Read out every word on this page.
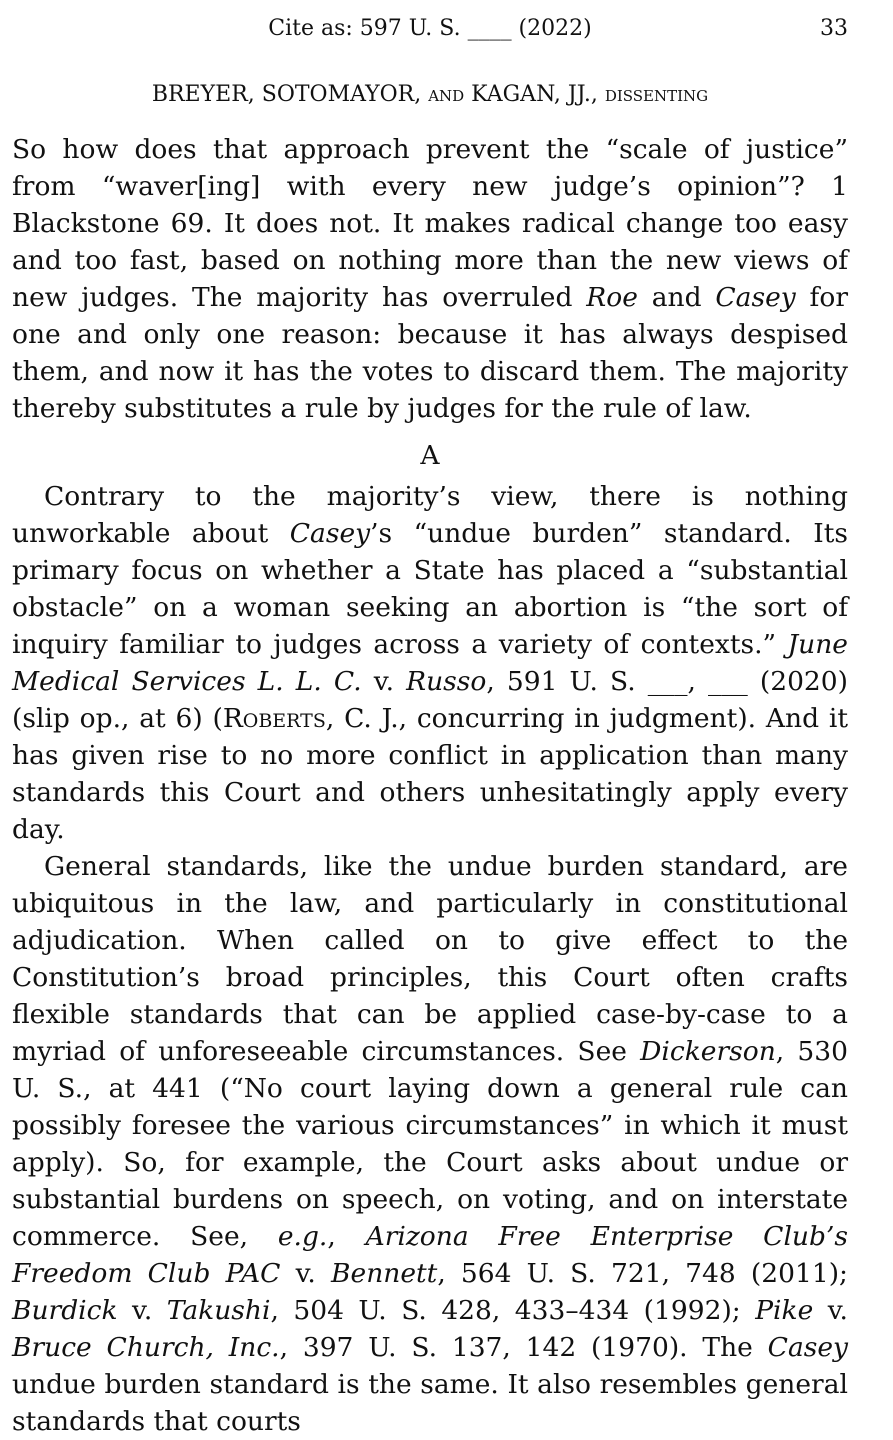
Cite as: 597 U. S. ____ (2022)	33
BREYER, SOTOMAYOR, and KAGAN, JJ., dissenting

So how does that approach prevent the “scale of justice” from “waver[ing] with every new judge’s opinion”? 1 Blackstone 69. It does not. It makes radical change too easy and too fast, based on nothing more than the new views of new judges. The majority has overruled Roe and Casey for one and only one reason: because it has always despised them, and now it has the votes to discard them. The majority thereby substitutes a rule by judges for the rule of law.

A

Contrary to the majority’s view, there is nothing unworkable about Casey’s “undue burden” standard. Its primary focus on whether a State has placed a “substantial obstacle” on a woman seeking an abortion is “the sort of inquiry familiar to judges across a variety of contexts.” June Medical Services L. L. C. v. Russo, 591 U. S. ___, ___ (2020) (slip op., at 6) (Roberts, C. J., concurring in judgment). And it has given rise to no more conflict in application than many standards this Court and others unhesitatingly apply every day.

General standards, like the undue burden standard, are ubiquitous in the law, and particularly in constitutional adjudication. When called on to give effect to the Constitution’s broad principles, this Court often crafts flexible standards that can be applied case-by-case to a myriad of unforeseeable circumstances. See Dickerson, 530 U. S., at 441 (“No court laying down a general rule can possibly foresee the various circumstances” in which it must apply). So, for example, the Court asks about undue or substantial burdens on speech, on voting, and on interstate commerce. See, e.g., Arizona Free Enterprise Club’s Freedom Club PAC v. Bennett, 564 U. S. 721, 748 (2011); Burdick v. Takushi, 504 U. S. 428, 433–434 (1992); Pike v. Bruce Church, Inc., 397 U. S. 137, 142 (1970). The Casey undue burden standard is the same. It also resembles general standards that courts
